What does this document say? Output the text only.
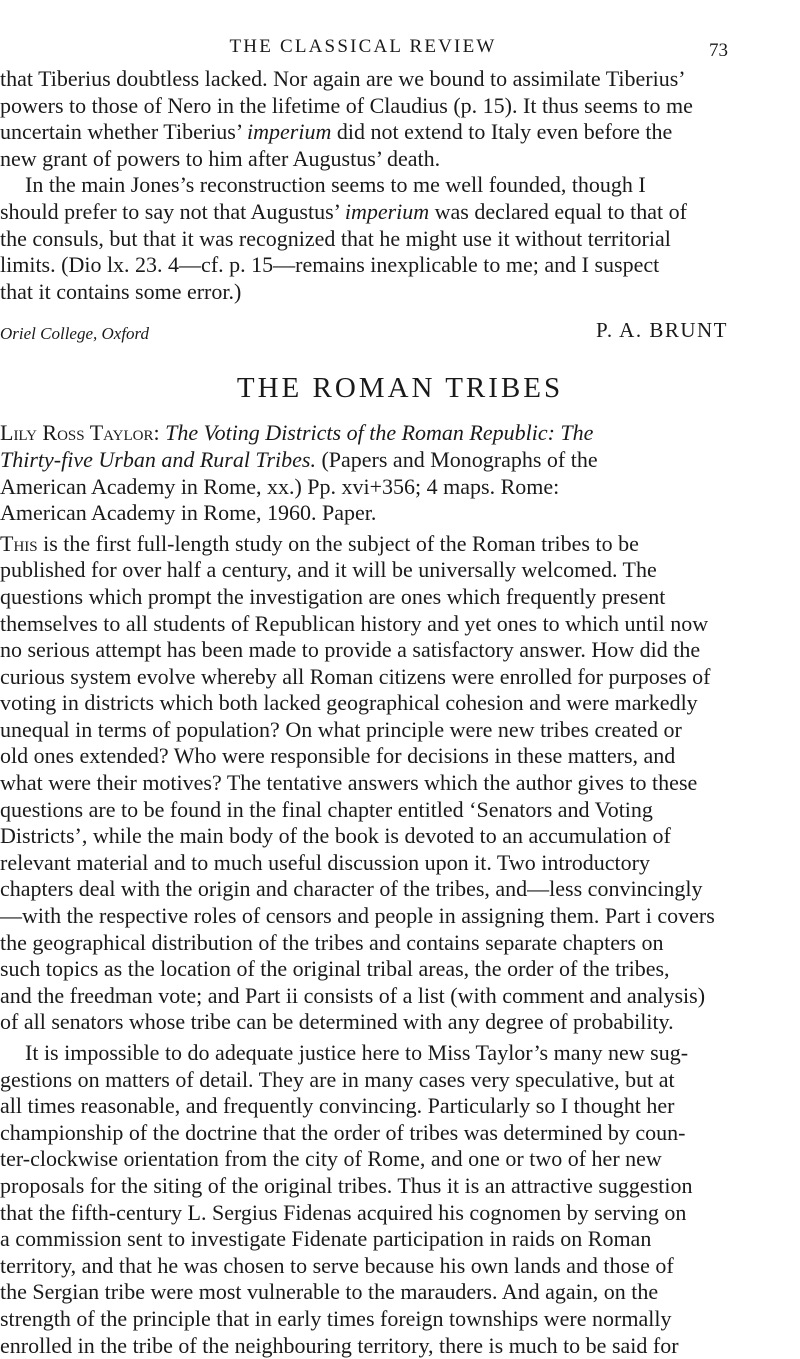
THE CLASSICAL REVIEW	73
that Tiberius doubtless lacked. Nor again are we bound to assimilate Tiberius’
powers to those of Nero in the lifetime of Claudius (p. 15). It thus seems to me
uncertain whether Tiberius’ imperium did not extend to Italy even before the
new grant of powers to him after Augustus’ death.
In the main Jones’s reconstruction seems to me well founded, though I
should prefer to say not that Augustus’ imperium was declared equal to that of
the consuls, but that it was recognized that he might use it without territorial
limits. (Dio lx. 23. 4—cf. p. 15—remains inexplicable to me; and I suspect
that it contains some error.)
Oriel College, Oxford	P. A. BRUNT
THE ROMAN TRIBES
Lily Ross Taylor: The Voting Districts of the Roman Republic: The
Thirty-five Urban and Rural Tribes. (Papers and Monographs of the
American Academy in Rome, xx.) Pp. xvi+356; 4 maps. Rome:
American Academy in Rome, 1960. Paper.
This is the first full-length study on the subject of the Roman tribes to be
published for over half a century, and it will be universally welcomed. The
questions which prompt the investigation are ones which frequently present
themselves to all students of Republican history and yet ones to which until now
no serious attempt has been made to provide a satisfactory answer. How did the
curious system evolve whereby all Roman citizens were enrolled for purposes of
voting in districts which both lacked geographical cohesion and were markedly
unequal in terms of population? On what principle were new tribes created or
old ones extended? Who were responsible for decisions in these matters, and
what were their motives? The tentative answers which the author gives to these
questions are to be found in the final chapter entitled ‘Senators and Voting
Districts’, while the main body of the book is devoted to an accumulation of
relevant material and to much useful discussion upon it. Two introductory
chapters deal with the origin and character of the tribes, and—less convincingly
—with the respective roles of censors and people in assigning them. Part i covers
the geographical distribution of the tribes and contains separate chapters on
such topics as the location of the original tribal areas, the order of the tribes,
and the freedman vote; and Part ii consists of a list (with comment and analysis)
of all senators whose tribe can be determined with any degree of probability.
It is impossible to do adequate justice here to Miss Taylor’s many new sug-
gestions on matters of detail. They are in many cases very speculative, but at
all times reasonable, and frequently convincing. Particularly so I thought her
championship of the doctrine that the order of tribes was determined by coun-
ter-clockwise orientation from the city of Rome, and one or two of her new
proposals for the siting of the original tribes. Thus it is an attractive suggestion
that the fifth-century L. Sergius Fidenas acquired his cognomen by serving on
a commission sent to investigate Fidenate participation in raids on Roman
territory, and that he was chosen to serve because his own lands and those of
the Sergian tribe were most vulnerable to the marauders. And again, on the
strength of the principle that in early times foreign townships were normally
enrolled in the tribe of the neighbouring territory, there is much to be said for
